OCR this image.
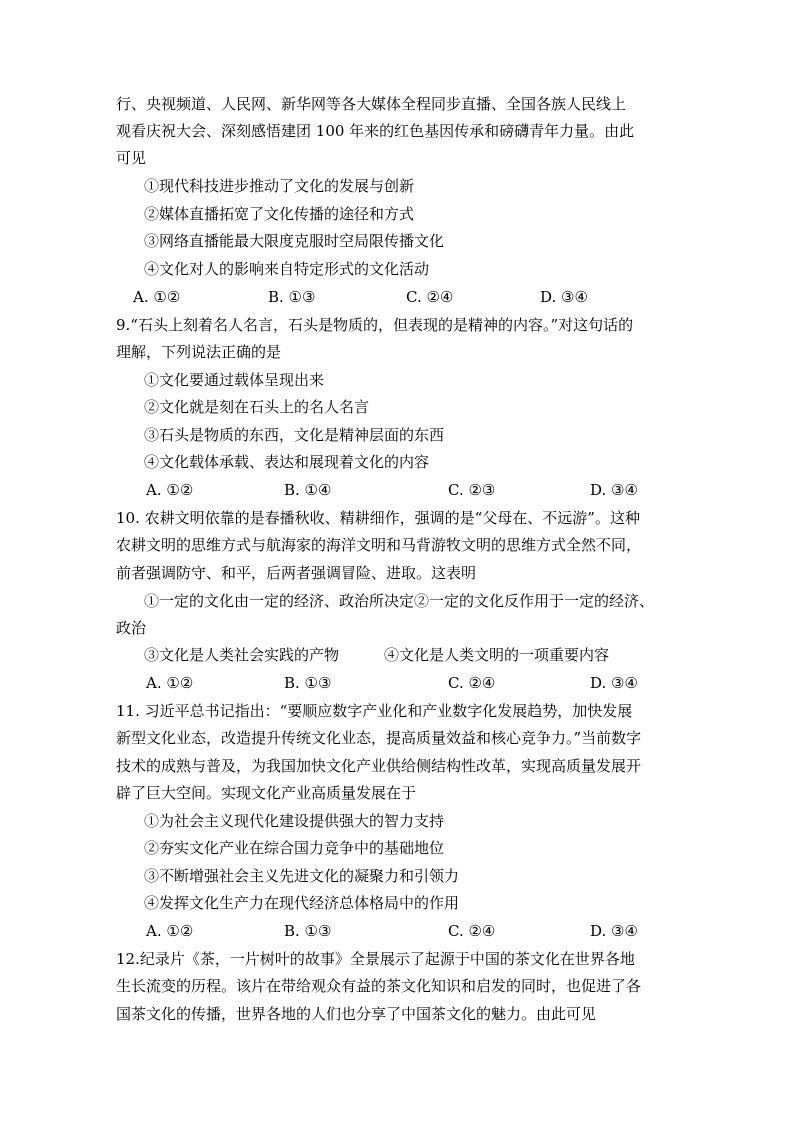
行、央视频道、人民网、新华网等各大媒体全程同步直播、全国各族人民线上
观看庆祝大会、深刻感悟建团 100 年来的红色基因传承和磅礴青年力量。由此
可见
①现代科技进步推动了文化的发展与创新
②媒体直播拓宽了文化传播的途径和方式
③网络直播能最大限度克服时空局限传播文化
④文化对人的影响来自特定形式的文化活动
A. ①②	B. ①③	C. ②④	D. ③④
9.“石头上刻着名人名言，石头是物质的，但表现的是精神的内容。”对这句话的
理解，下列说法正确的是
①文化要通过载体呈现出来
②文化就是刻在石头上的名人名言
③石头是物质的东西，文化是精神层面的东西
④文化载体承载、表达和展现着文化的内容
A. ①②	B. ①④	C. ②③	D. ③④
10. 农耕文明依靠的是春播秋收、精耕细作，强调的是“父母在、不远游”。这种
农耕文明的思维方式与航海家的海洋文明和马背游牧文明的思维方式全然不同，
前者强调防守、和平，后两者强调冒险、进取。这表明
①一定的文化由一定的经济、政治所决定②一定的文化反作用于一定的经济、
政治
③文化是人类社会实践的产物	④文化是人类文明的一项重要内容
A. ①②	B. ①③	C. ②④	D. ③④
11. 习近平总书记指出：“要顺应数字产业化和产业数字化发展趋势，加快发展
新型文化业态，改造提升传统文化业态，提高质量效益和核心竞争力。”当前数字
技术的成熟与普及，为我国加快文化产业供给侧结构性改革，实现高质量发展开
辟了巨大空间。实现文化产业高质量发展在于
①为社会主义现代化建设提供强大的智力支持
②夯实文化产业在综合国力竞争中的基础地位
③不断增强社会主义先进文化的凝聚力和引领力
④发挥文化生产力在现代经济总体格局中的作用
A. ①②	B. ①③	C. ②④	D. ③④
12.纪录片《茶，一片树叶的故事》全景展示了起源于中国的茶文化在世界各地
生长流变的历程。该片在带给观众有益的茶文化知识和启发的同时，也促进了各
国茶文化的传播，世界各地的人们也分享了中国茶文化的魅力。由此可见
